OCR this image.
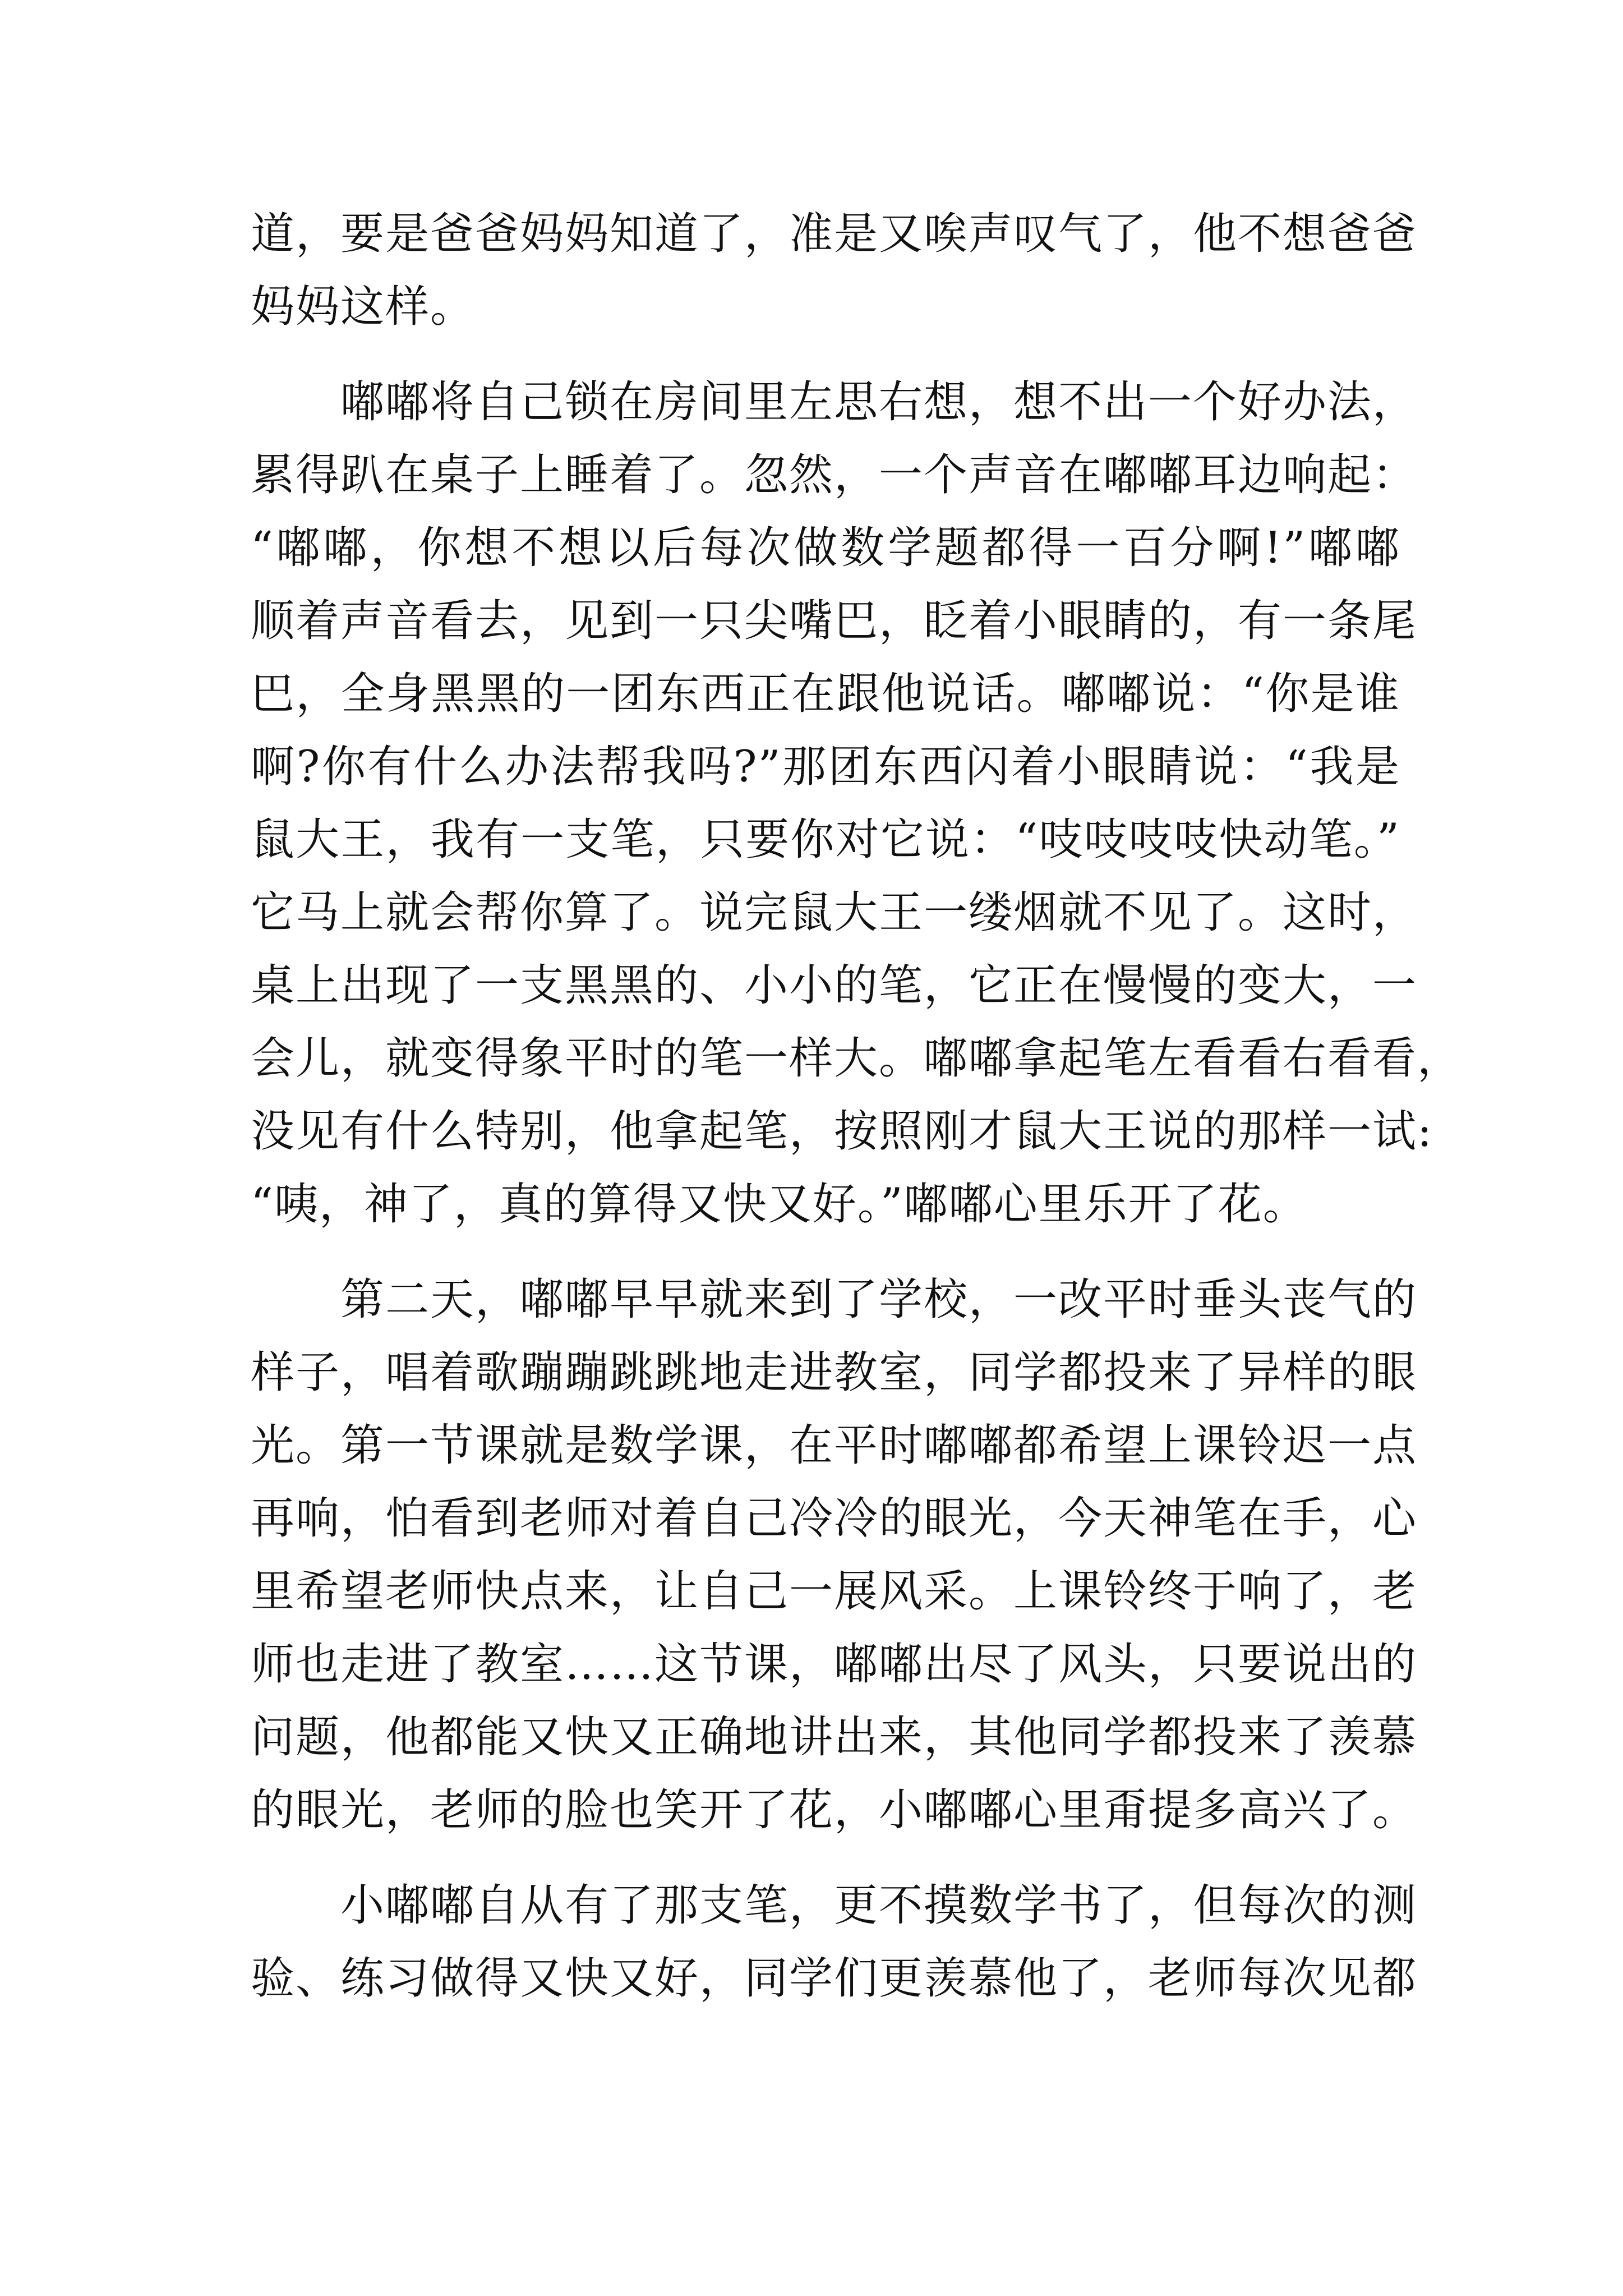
道，要是爸爸妈妈知道了，准是又唉声叹气了，他不想爸爸
妈妈这样。
嘟嘟将自己锁在房间里左思右想，想不出一个好办法，
累得趴在桌子上睡着了。忽然，一个声音在嘟嘟耳边响起：
“嘟嘟，你想不想以后每次做数学题都得一百分啊!”嘟嘟
顺着声音看去，见到一只尖嘴巴，眨着小眼睛的，有一条尾
巴，全身黑黑的一团东西正在跟他说话。嘟嘟说：“你是谁
啊?你有什么办法帮我吗?”那团东西闪着小眼睛说：“我是
鼠大王，我有一支笔，只要你对它说：“吱吱吱吱快动笔。”
它马上就会帮你算了。说完鼠大王一缕烟就不见了。这时，
桌上出现了一支黑黑的、小小的笔，它正在慢慢的变大，一
会儿，就变得象平时的笔一样大。嘟嘟拿起笔左看看右看看，
没见有什么特别，他拿起笔，按照刚才鼠大王说的那样一试:
“咦，神了，真的算得又快又好。”嘟嘟心里乐开了花。
第二天，嘟嘟早早就来到了学校，一改平时垂头丧气的
样子，唱着歌蹦蹦跳跳地走进教室，同学都投来了异样的眼
光。第一节课就是数学课，在平时嘟嘟都希望上课铃迟一点
再响，怕看到老师对着自己冷冷的眼光，今天神笔在手，心
里希望老师快点来，让自己一展风采。上课铃终于响了，老
师也走进了教室……这节课，嘟嘟出尽了风头，只要说出的
问题，他都能又快又正确地讲出来，其他同学都投来了羡慕
的眼光，老师的脸也笑开了花，小嘟嘟心里甭提多高兴了。
小嘟嘟自从有了那支笔，更不摸数学书了，但每次的测
验、练习做得又快又好，同学们更羡慕他了，老师每次见都
